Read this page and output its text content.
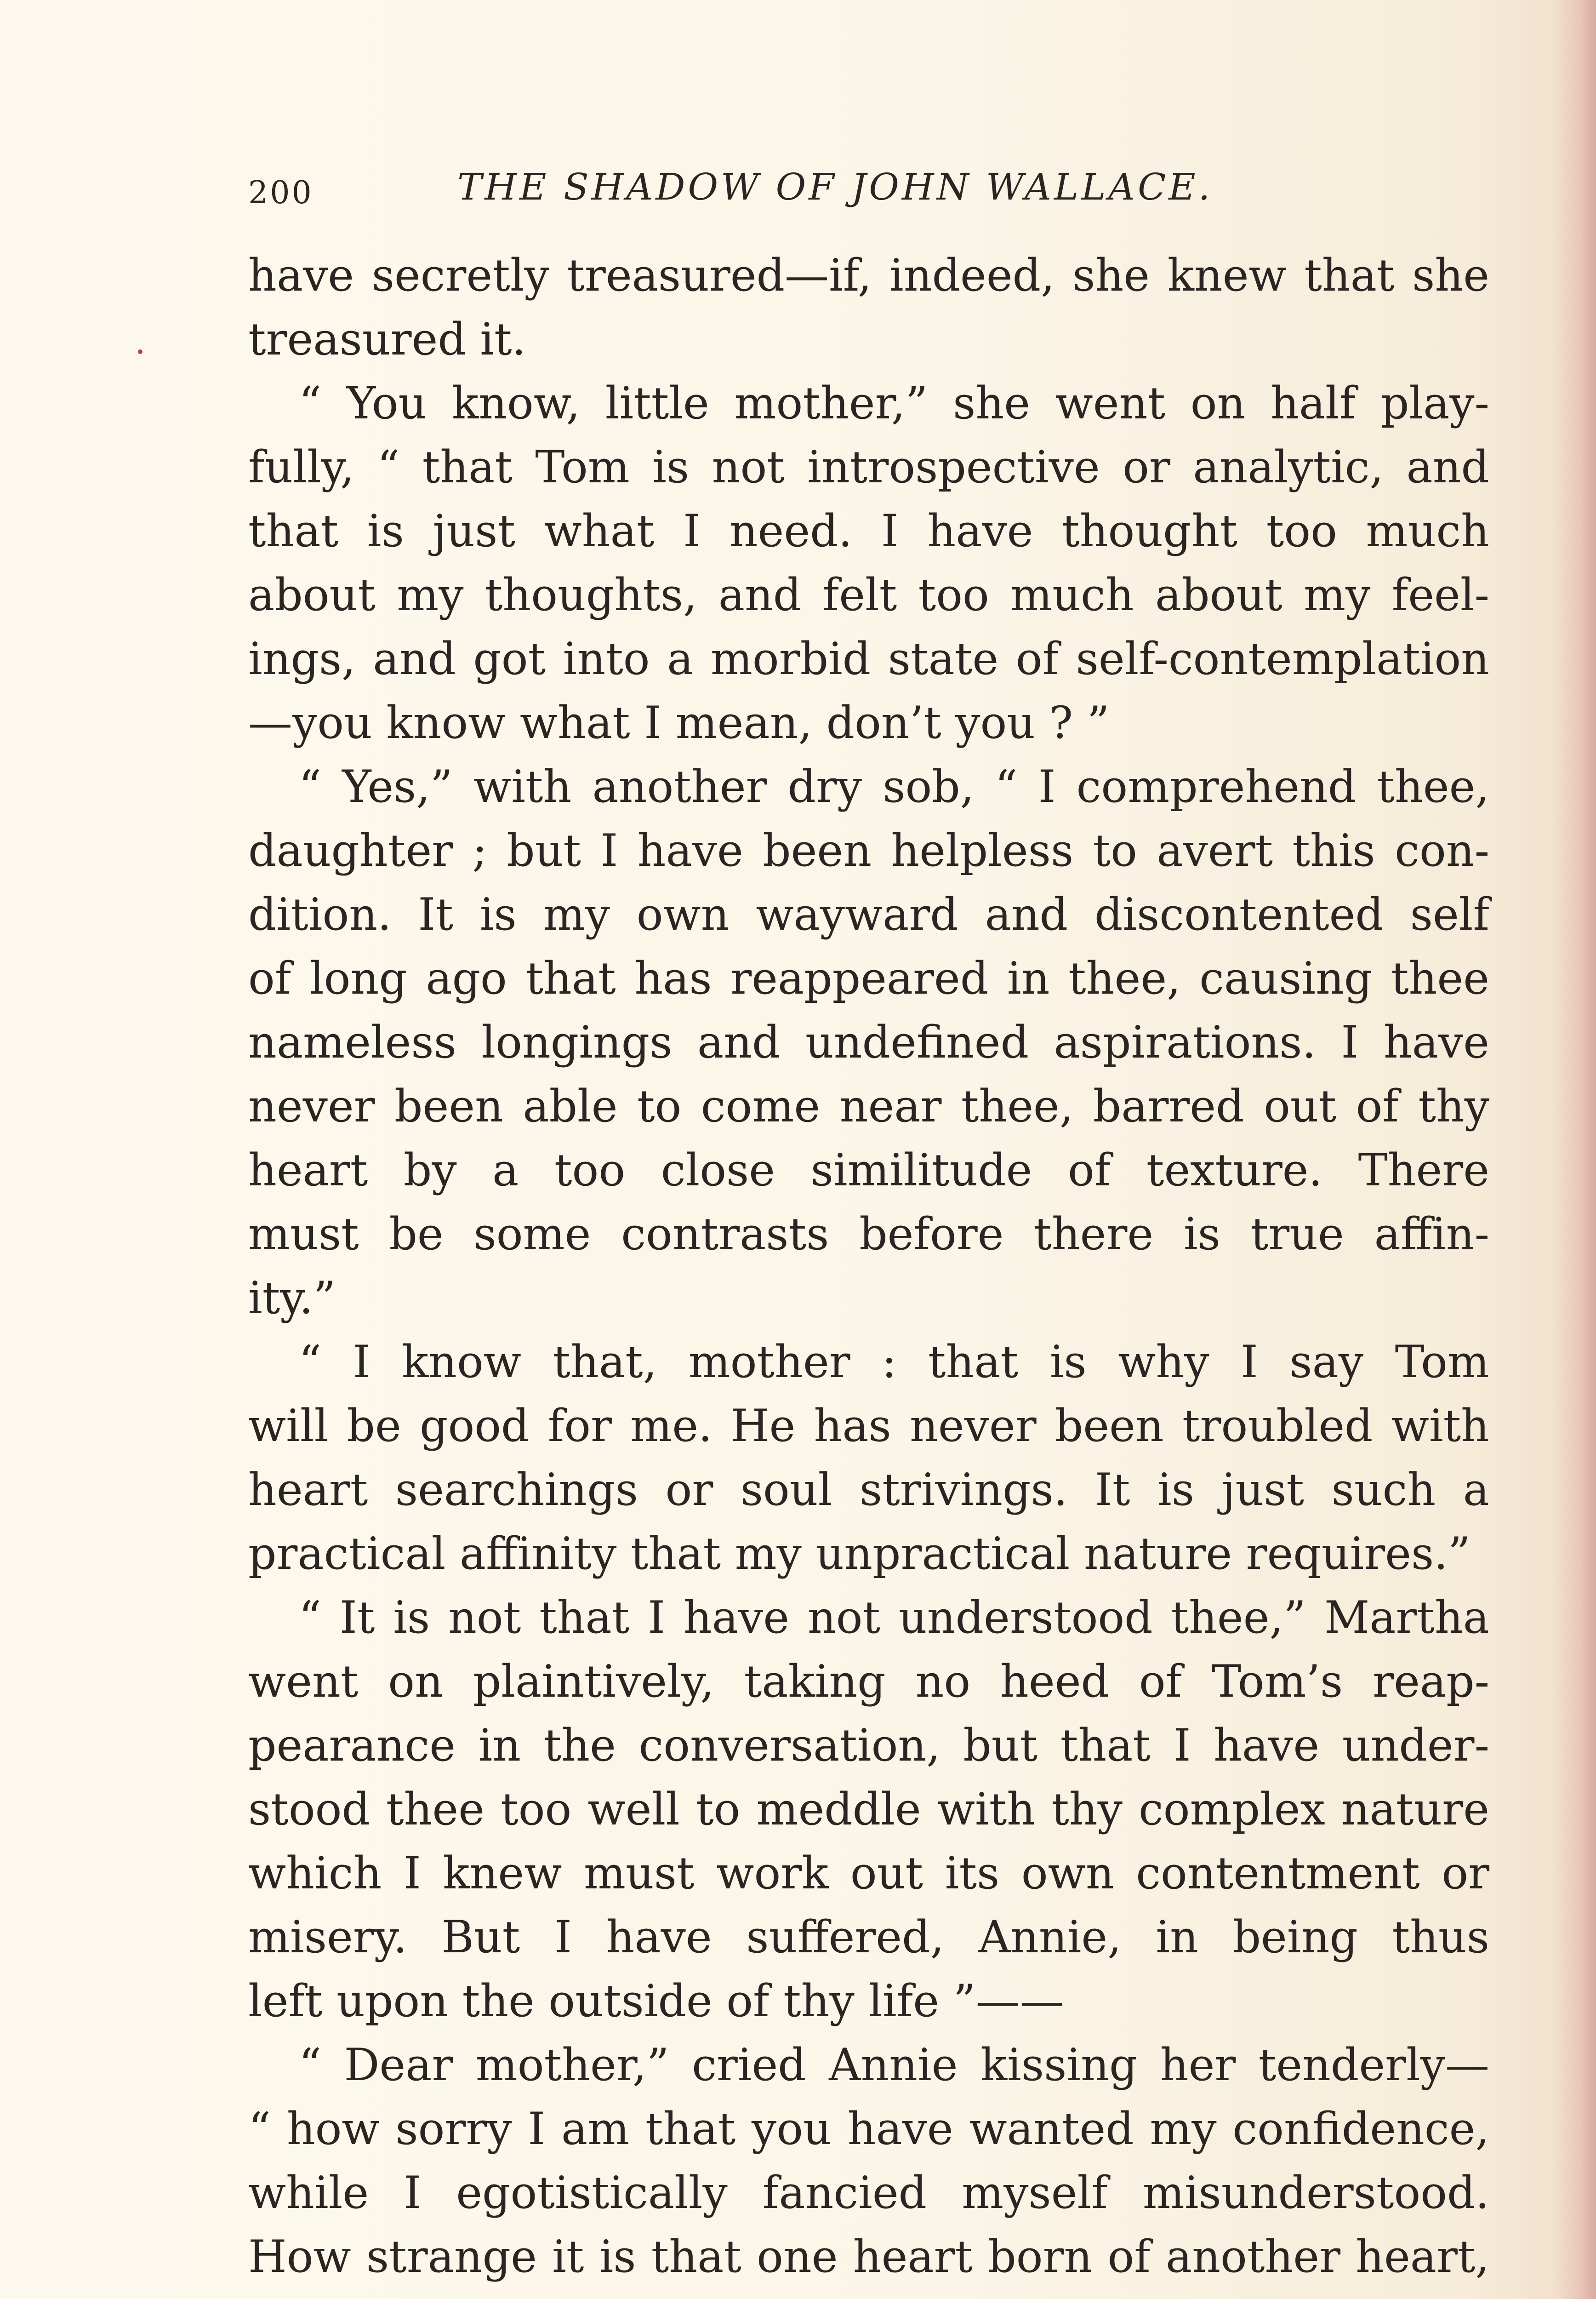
200	THE SHADOW OF JOHN WALLACE.
have secretly treasured—if, indeed, she knew that she
treasured it.
“ You know, little mother,” she went on half play-
fully, “ that Tom is not introspective or analytic, and
that is just what I need. I have thought too much
about my thoughts, and felt too much about my feel-
ings, and got into a morbid state of self-contemplation
—you know what I mean, don’t you ? ”
“ Yes,” with another dry sob, “ I comprehend thee,
daughter ; but I have been helpless to avert this con-
dition. It is my own wayward and discontented self
of long ago that has reappeared in thee, causing thee
nameless longings and undefined aspirations. I have
never been able to come near thee, barred out of thy
heart by a too close similitude of texture. There
must be some contrasts before there is true affin-
ity.”
“ I know that, mother : that is why I say Tom
will be good for me. He has never been troubled with
heart searchings or soul strivings. It is just such a
practical affinity that my unpractical nature requires.”
“ It is not that I have not understood thee,” Martha
went on plaintively, taking no heed of Tom’s reap-
pearance in the conversation, but that I have under-
stood thee too well to meddle with thy complex nature
which I knew must work out its own contentment or
misery. But I have suffered, Annie, in being thus
left upon the outside of thy life ”——
“ Dear mother,” cried Annie kissing her tenderly—
“ how sorry I am that you have wanted my confidence,
while I egotistically fancied myself misunderstood.
How strange it is that one heart born of another heart,
